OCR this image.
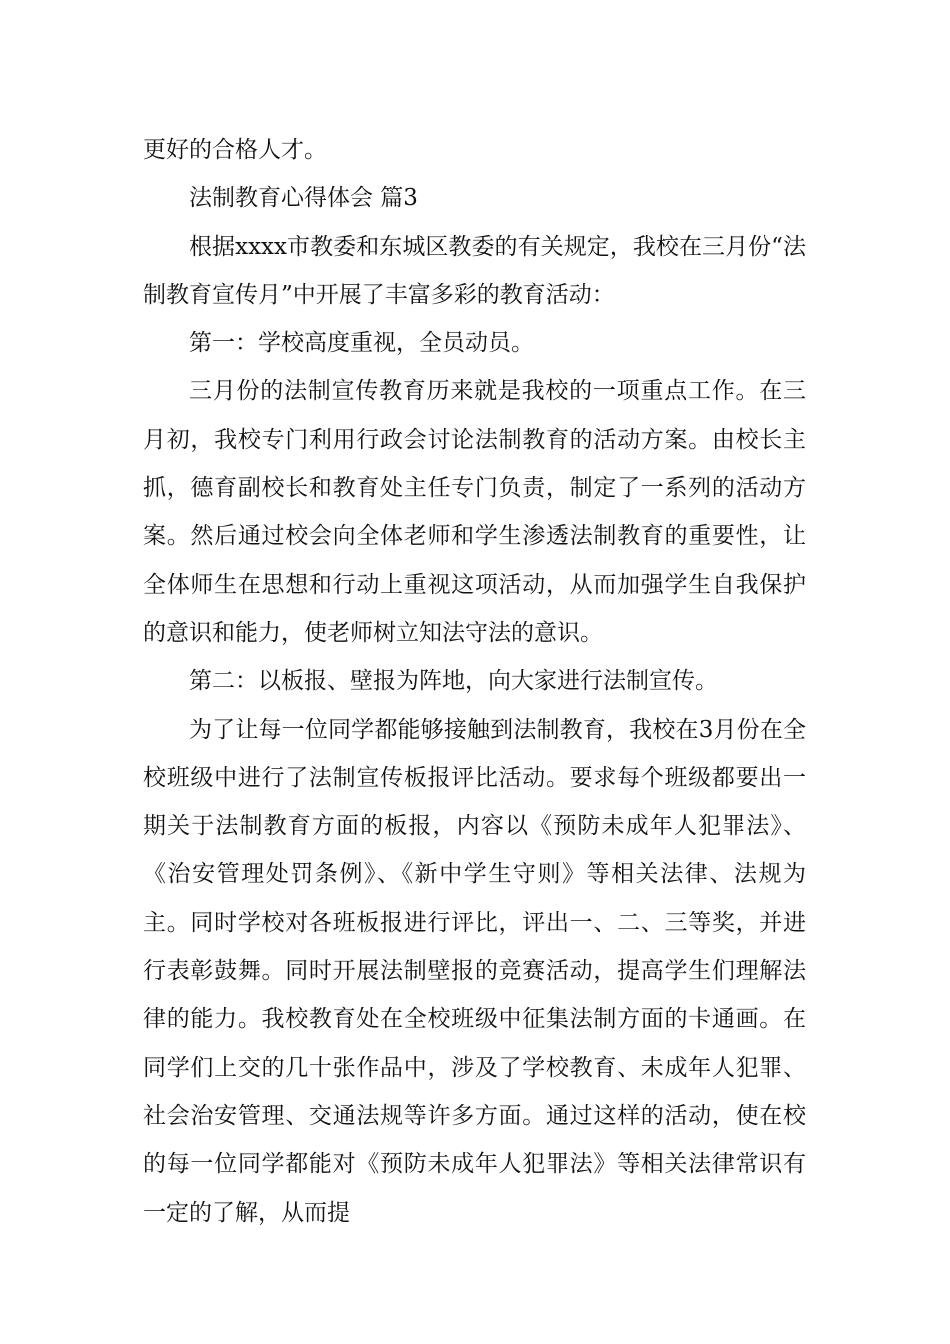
更好的合格人才。

法制教育心得体会 篇3

根据xxxx市教委和东城区教委的有关规定，我校在三月份“法制教育宣传月”中开展了丰富多彩的教育活动：

第一：学校高度重视，全员动员。

三月份的法制宣传教育历来就是我校的一项重点工作。在三月初，我校专门利用行政会讨论法制教育的活动方案。由校长主抓，德育副校长和教育处主任专门负责，制定了一系列的活动方案。然后通过校会向全体老师和学生渗透法制教育的重要性，让全体师生在思想和行动上重视这项活动，从而加强学生自我保护的意识和能力，使老师树立知法守法的意识。

第二：以板报、壁报为阵地，向大家进行法制宣传。

为了让每一位同学都能够接触到法制教育，我校在3月份在全校班级中进行了法制宣传板报评比活动。要求每个班级都要出一期关于法制教育方面的板报，内容以《预防未成年人犯罪法》、《治安管理处罚条例》、《新中学生守则》等相关法律、法规为主。同时学校对各班板报进行评比，评出一、二、三等奖，并进行表彰鼓舞。同时开展法制壁报的竞赛活动，提高学生们理解法律的能力。我校教育处在全校班级中征集法制方面的卡通画。在同学们上交的几十张作品中，涉及了学校教育、未成年人犯罪、社会治安管理、交通法规等许多方面。通过这样的活动，使在校的每一位同学都能对《预防未成年人犯罪法》等相关法律常识有一定的了解，从而提
